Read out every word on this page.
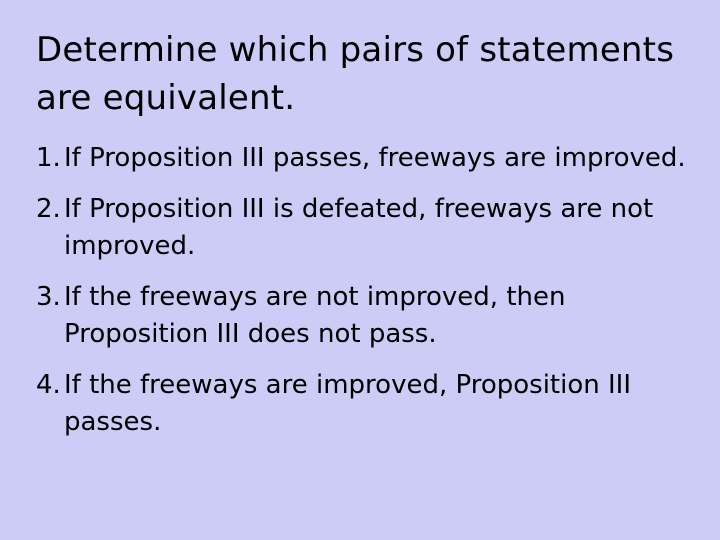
Determine which pairs of statements are equivalent.
1. If Proposition III passes, freeways are improved.
2. If Proposition III is defeated, freeways are not improved.
3. If the freeways are not improved, then Proposition III does not pass.
4. If the freeways are improved, Proposition III passes.
